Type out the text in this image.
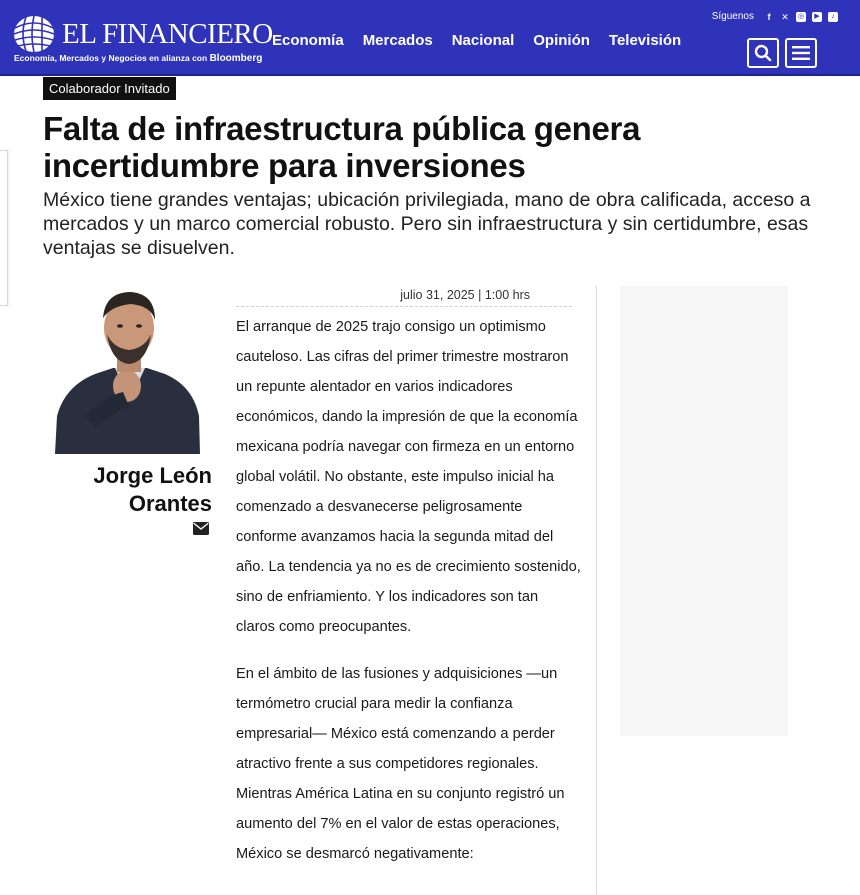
EL FINANCIERO
Economía, Mercados y Negocios en alianza con Bloomberg
Economía Mercados Nacional Opinión Televisión
Síguenos	f	✕ ◎	▶	♪
Colaborador Invitado
Falta de infraestructura pública genera incertidumbre para inversiones

México tiene grandes ventajas; ubicación privilegiada, mano de obra calificada, acceso a mercados y un marco comercial robusto. Pero sin infraestructura y sin certidumbre, esas ventajas se disuelven.

Jorge León Orantes
julio 31, 2025 | 1:00 hrs

El arranque de 2025 trajo consigo un optimismo cauteloso. Las cifras del primer trimestre mostraron un repunte alentador en varios indicadores económicos, dando la impresión de que la economía mexicana podría navegar con firmeza en un entorno global volátil. No obstante, este impulso inicial ha comenzado a desvanecerse peligrosamente conforme avanzamos hacia la segunda mitad del año. La tendencia ya no es de crecimiento sostenido, sino de enfriamiento. Y los indicadores son tan claros como preocupantes.

En el ámbito de las fusiones y adquisiciones —un termómetro crucial para medir la confianza empresarial— México está comenzando a perder atractivo frente a sus competidores regionales. Mientras América Latina en su conjunto registró un aumento del 7% en el valor de estas operaciones, México se desmarcó negativamente:
